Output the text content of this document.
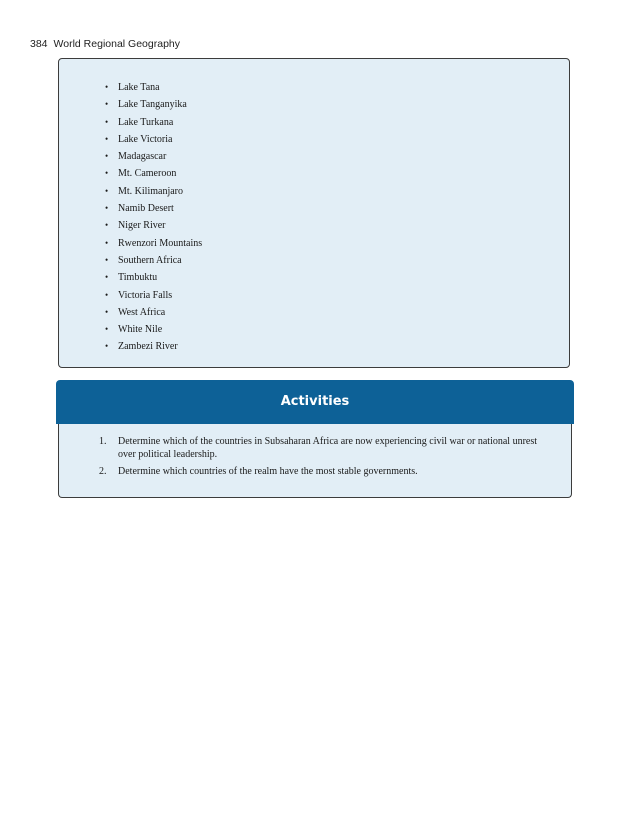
384 World Regional Geography
• Lake Tana
• Lake Tanganyika
• Lake Turkana
• Lake Victoria
• Madagascar
• Mt. Cameroon
• Mt. Kilimanjaro
• Namib Desert
• Niger River
• Rwenzori Mountains
• Southern Africa
• Timbuktu
• Victoria Falls
• West Africa
• White Nile
• Zambezi River
Activities
1. Determine which of the countries in Subsaharan Africa are now experiencing civil war or national unrest over political leadership.
2. Determine which countries of the realm have the most stable governments.
